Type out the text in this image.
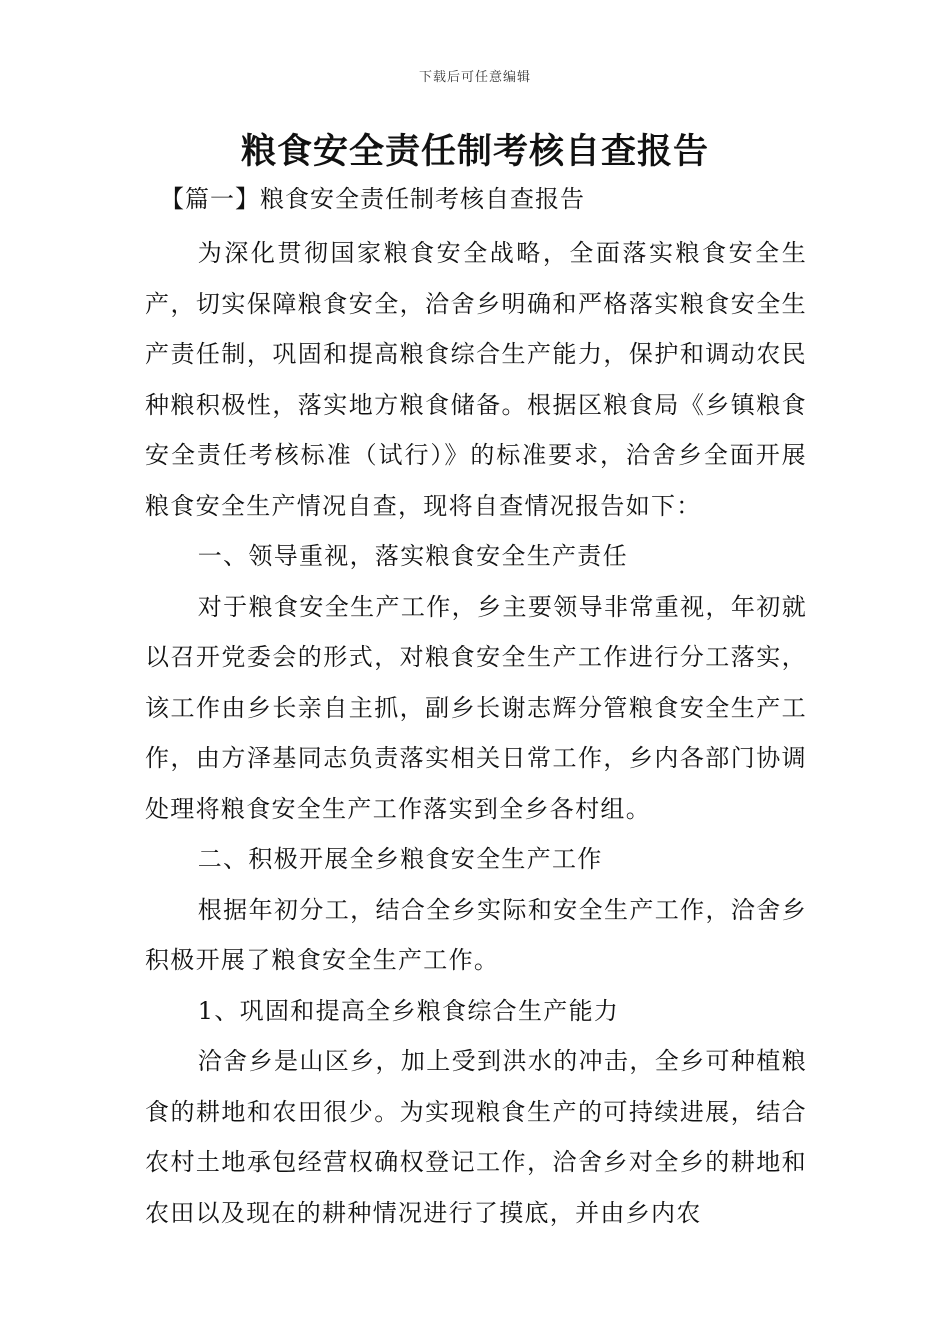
下载后可任意编辑
粮食安全责任制考核自查报告
【篇一】粮食安全责任制考核自查报告

为深化贯彻国家粮食安全战略，全面落实粮食安全生产，切实保障粮食安全，洽舍乡明确和严格落实粮食安全生产责任制，巩固和提高粮食综合生产能力，保护和调动农民种粮积极性，落实地方粮食储备。根据区粮食局《乡镇粮食安全责任考核标准（试行）》的标准要求，洽舍乡全面开展粮食安全生产情况自查，现将自查情况报告如下：

一、领导重视，落实粮食安全生产责任

对于粮食安全生产工作，乡主要领导非常重视，年初就以召开党委会的形式，对粮食安全生产工作进行分工落实，该工作由乡长亲自主抓，副乡长谢志辉分管粮食安全生产工作，由方泽基同志负责落实相关日常工作，乡内各部门协调处理将粮食安全生产工作落实到全乡各村组。

二、积极开展全乡粮食安全生产工作

根据年初分工，结合全乡实际和安全生产工作，洽舍乡积极开展了粮食安全生产工作。

1、巩固和提高全乡粮食综合生产能力

洽舍乡是山区乡，加上受到洪水的冲击，全乡可种植粮食的耕地和农田很少。为实现粮食生产的可持续进展，结合农村土地承包经营权确权登记工作，洽舍乡对全乡的耕地和农田以及现在的耕种情况进行了摸底，并由乡内农
